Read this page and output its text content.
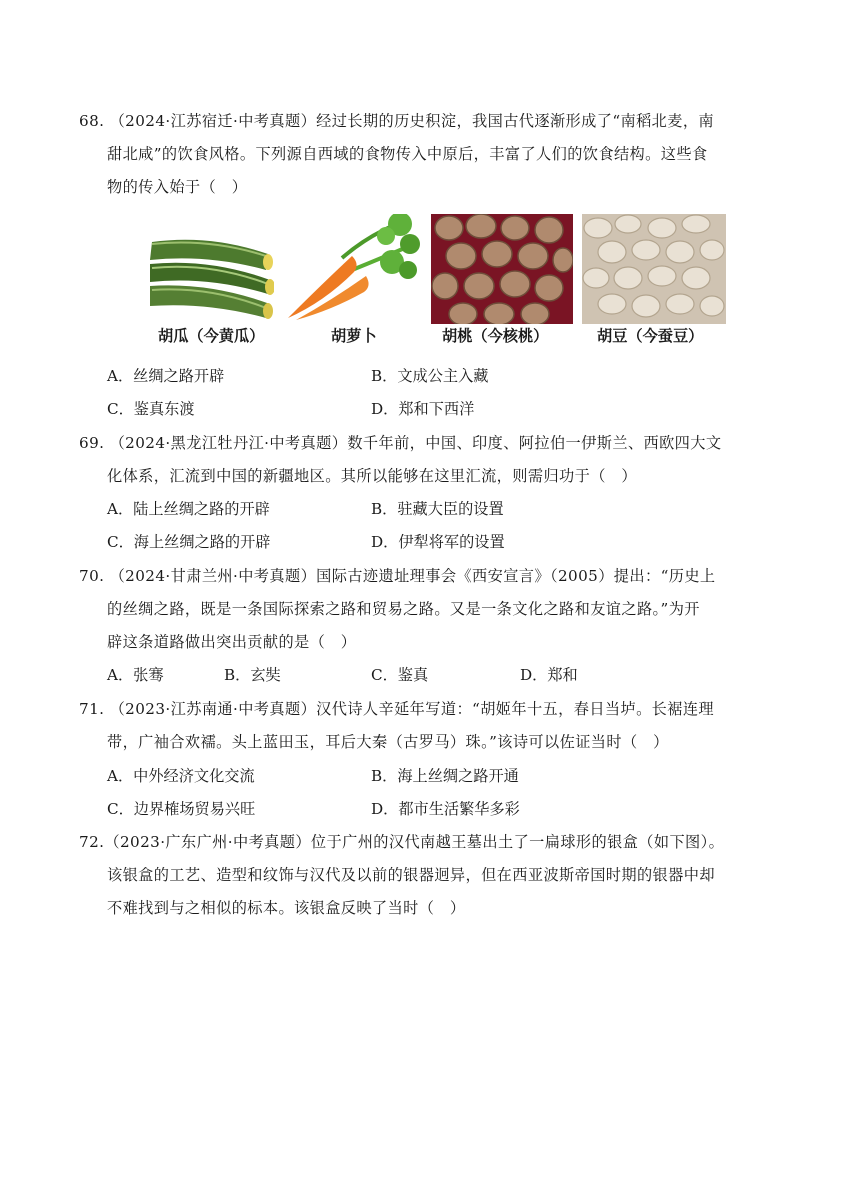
68. （2024·江苏宿迁·中考真题）经过长期的历史积淀，我国古代逐渐形成了“南稻北麦，南
甜北咸”的饮食风格。下列源自西域的食物传入中原后，丰富了人们的饮食结构。这些食
物的传入始于（　）
胡瓜（今黄瓜）	胡萝卜	胡桃（今核桃）	胡豆（今蚕豆）
A．丝绸之路开辟	B．文成公主入藏
C．鉴真东渡	D．郑和下西洋
69. （2024·黑龙江牡丹江·中考真题）数千年前，中国、印度、阿拉伯一伊斯兰、西欧四大文
化体系，汇流到中国的新疆地区。其所以能够在这里汇流，则需归功于（　）
A．陆上丝绸之路的开辟	B．驻藏大臣的设置
C．海上丝绸之路的开辟	D．伊犁将军的设置
70. （2024·甘肃兰州·中考真题）国际古迹遗址理事会《西安宣言》（2005）提出：“历史上
的丝绸之路，既是一条国际探索之路和贸易之路。又是一条文化之路和友谊之路。”为开
辟这条道路做出突出贡献的是（　）
A．张骞	B．玄奘	C．鉴真	D．郑和
71. （2023·江苏南通·中考真题）汉代诗人辛延年写道：“胡姬年十五，春日当垆。长裾连理
带，广袖合欢襦。头上蓝田玉，耳后大秦（古罗马）珠。”该诗可以佐证当时（　）
A．中外经济文化交流	B．海上丝绸之路开通
C．边界榷场贸易兴旺	D．都市生活繁华多彩
72.（2023·广东广州·中考真题）位于广州的汉代南越王墓出土了一扁球形的银盒（如下图）。
该银盒的工艺、造型和纹饰与汉代及以前的银器迥异，但在西亚波斯帝国时期的银器中却
不难找到与之相似的标本。该银盒反映了当时（　）
